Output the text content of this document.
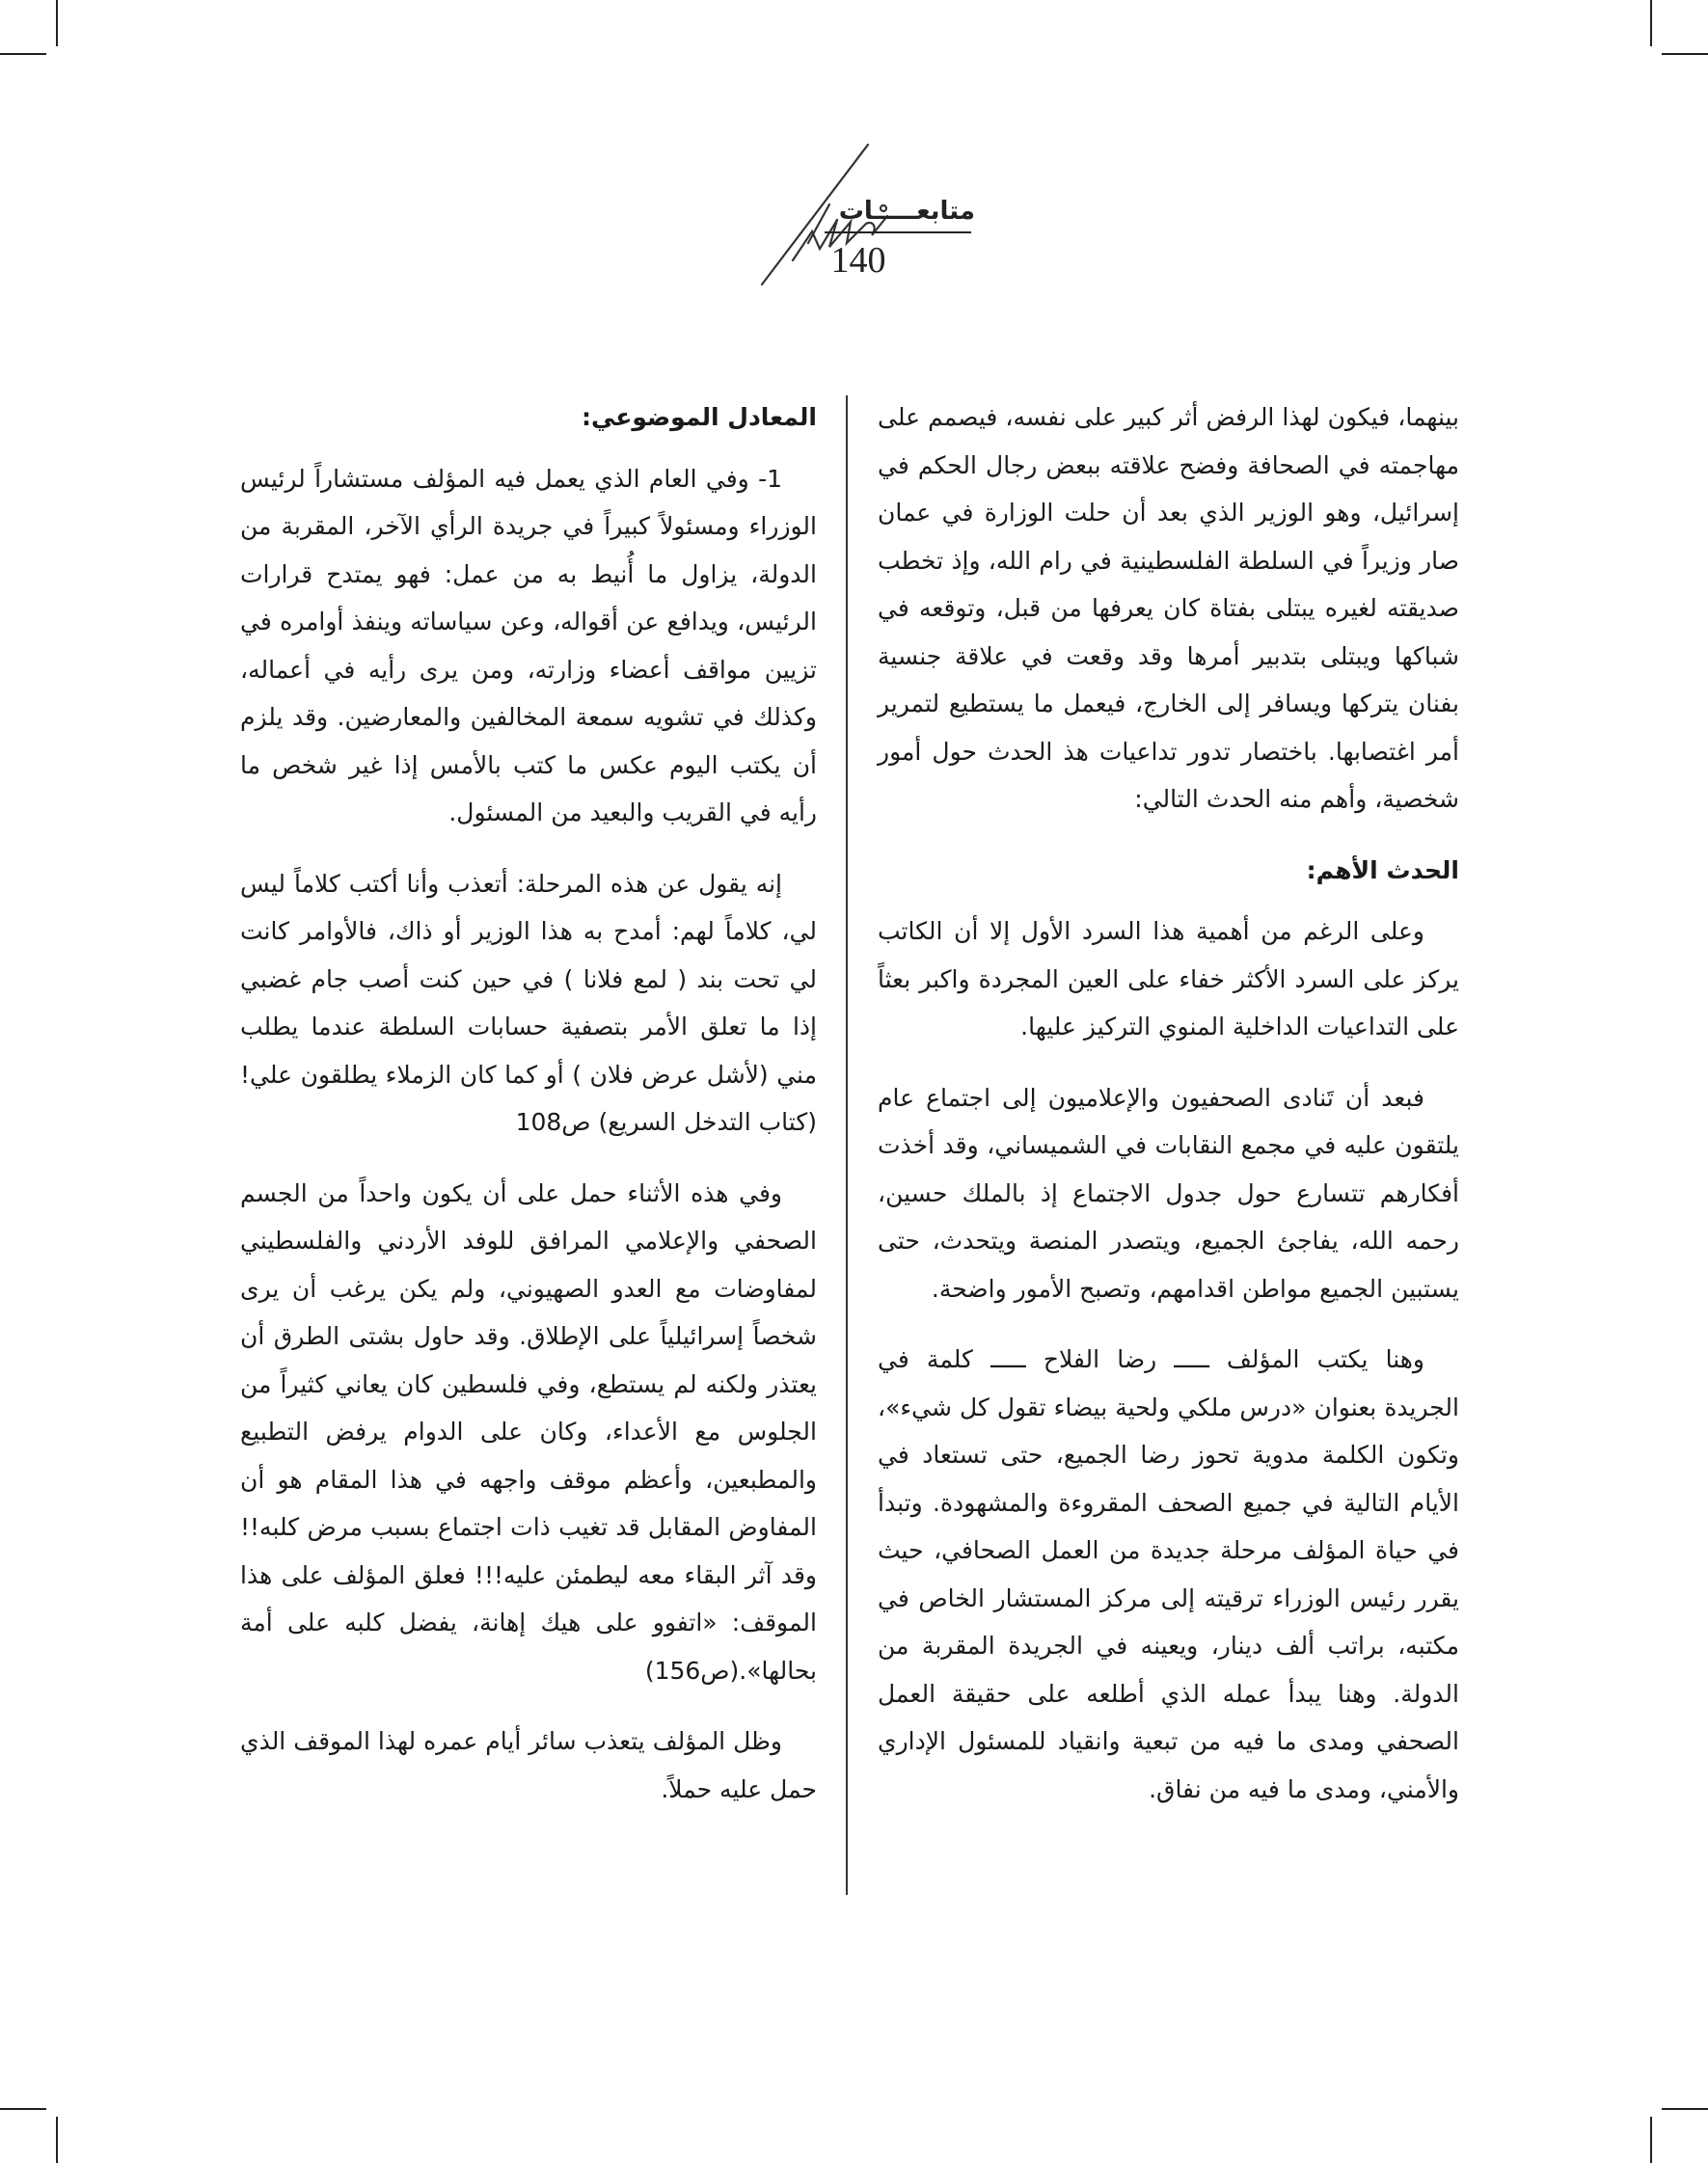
متابعـــــات
140

بينهما، فيكون لهذا الرفض أثر كبير على نفسه، فيصمم على مهاجمته في الصحافة وفضح علاقته ببعض رجال الحكم في إسرائيل، وهو الوزير الذي بعد أن حلت الوزارة في عمان صار وزيراً في السلطة الفلسطينية في رام الله، وإذ تخطب صديقته لغيره يبتلى بفتاة كان يعرفها من قبل، وتوقعه في شباكها ويبتلى بتدبير أمرها وقد وقعت في علاقة جنسية بفنان يتركها ويسافر إلى الخارج، فيعمل ما يستطيع لتمرير أمر اغتصابها. باختصار تدور تداعيات هذ الحدث حول أمور شخصية، وأهم منه الحدث التالي:

الحدث الأهم:

وعلى الرغم من أهمية هذا السرد الأول إلا أن الكاتب يركز على السرد الأكثر خفاء على العين المجردة واكبر بعثاً على التداعيات الداخلية المنوي التركيز عليها.

فبعد أن تَنادى الصحفيون والإعلاميون إلى اجتماع عام يلتقون عليه في مجمع النقابات في الشميساني، وقد أخذت أفكارهم تتسارع حول جدول الاجتماع إذ بالملك حسين، رحمه الله، يفاجئ الجميع، ويتصدر المنصة ويتحدث، حتى يستبين الجميع مواطن اقدامهم، وتصبح الأمور واضحة.

وهنا يكتب المؤلف ـــــ رضا الفلاح ـــــ كلمة في الجريدة بعنوان «درس ملكي ولحية بيضاء تقول كل شيء»، وتكون الكلمة مدوية تحوز رضا الجميع، حتى تستعاد في الأيام التالية في جميع الصحف المقروءة والمشهودة. وتبدأ في حياة المؤلف مرحلة جديدة من العمل الصحافي، حيث يقرر رئيس الوزراء ترقيته إلى مركز المستشار الخاص في مكتبه، براتب ألف دينار، ويعينه في الجريدة المقربة من الدولة. وهنا يبدأ عمله الذي أطلعه على حقيقة العمل الصحفي ومدى ما فيه من تبعية وانقياد للمسئول الإداري والأمني، ومدى ما فيه من نفاق.

المعادل الموضوعي:

1- وفي العام الذي يعمل فيه المؤلف مستشاراً لرئيس الوزراء ومسئولاً كبيراً في جريدة الرأي الآخر، المقربة من الدولة، يزاول ما أُنيط به من عمل: فهو يمتدح قرارات الرئيس، ويدافع عن أقواله، وعن سياساته وينفذ أوامره في تزيين مواقف أعضاء وزارته، ومن يرى رأيه في أعماله، وكذلك في تشويه سمعة المخالفين والمعارضين. وقد يلزم أن يكتب اليوم عكس ما كتب بالأمس إذا غير شخص ما رأيه في القريب والبعيد من المسئول.

إنه يقول عن هذه المرحلة: أتعذب وأنا أكتب كلاماً ليس لي، كلاماً لهم: أمدح به هذا الوزير أو ذاك، فالأوامر كانت لي تحت بند ( لمع فلانا ) في حين كنت أصب جام غضبي إذا ما تعلق الأمر بتصفية حسابات السلطة عندما يطلب مني (لأشل عرض فلان ) أو كما كان الزملاء يطلقون علي! (كتاب التدخل السريع) ص108

وفي هذه الأثناء حمل على أن يكون واحداً من الجسم الصحفي والإعلامي المرافق للوفد الأردني والفلسطيني لمفاوضات مع العدو الصهيوني، ولم يكن يرغب أن يرى شخصاً إسرائيلياً على الإطلاق. وقد حاول بشتى الطرق أن يعتذر ولكنه لم يستطع، وفي فلسطين كان يعاني كثيراً من الجلوس مع الأعداء، وكان على الدوام يرفض التطبيع والمطبعين، وأعظم موقف واجهه في هذا المقام هو أن المفاوض المقابل قد تغيب ذات اجتماع بسبب مرض كلبه!! وقد آثر البقاء معه ليطمئن عليه!!! فعلق المؤلف على هذا الموقف: «اتفوو على هيك إهانة، يفضل كلبه على أمة بحالها».(ص156)

وظل المؤلف يتعذب سائر أيام عمره لهذا الموقف الذي حمل عليه حملاً.
